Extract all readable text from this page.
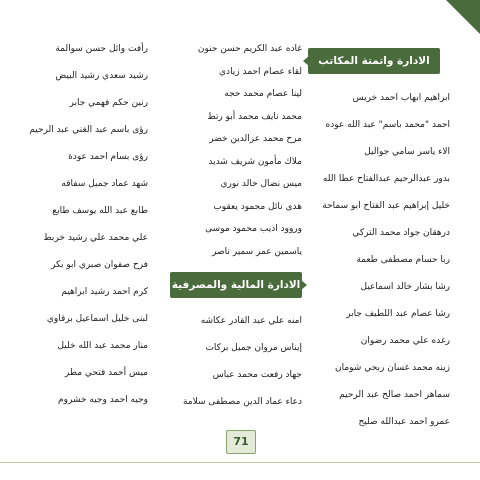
الادارة واتمتة المكاتب
ابراهيم ابهاب احمد خريس
احمد "محمد باسم" عبد الله عوده
الاء ياسر سامي جواليل
بدور عبدالرحيم عبدالفتاح عطا الله
خليل إبراهيم عبد الفتاح ابو سماحة
درهقان جواد محمد التركي
ربا حسام مصطفى طعمة
رشا بشار خالد اسماعيل
رشا عصام عبد اللطيف جابر
رغده علي محمد رضوان
زينه محمد غسان ربحي شومان
سماهر احمد صالح عبد الرحيم
عمرو احمد عبدالله صليح
غاده عبد الكريم حسن حنون
لقاء عصام احمد زيادي
لينا عصام محمد حجه
محمد نايف محمد أبو رتط
مرح محمد عزالدين خضر
ملاك مأمون شريف شديد
ميس نضال خالد نوري
هدى نائل محمود يعقوب
وروود اديب محمود موسى
ياسمين عمر سمير ناصر
الادارة المالية والمصرفية
امنه علي عبد القادر عكاشه
إيناس مروان جميل بركات
جهاد رفعت محمد عباس
دعاء عماد الدين مصطفى سلامة
رأفت وائل حسن سوالمة
رشيد سعدي رشيد البيض
رنين حكم فهمي جابر
رؤى باسم عبد الغني عبد الرحيم
رؤى بسام احمد عودة
شهد عماد جميل سفاقه
طابع عبد الله يوسف طابع
علي محمد علي رشيد خربط
فرح صفوان صبري ابو بكر
كرم احمد رشيد ابراهيم
لبنى خليل اسماعيل برقاوي
منار محمد عبد الله خليل
ميس أحمد فتحي مطر
وجيه احمد وجيه خشروم
71
